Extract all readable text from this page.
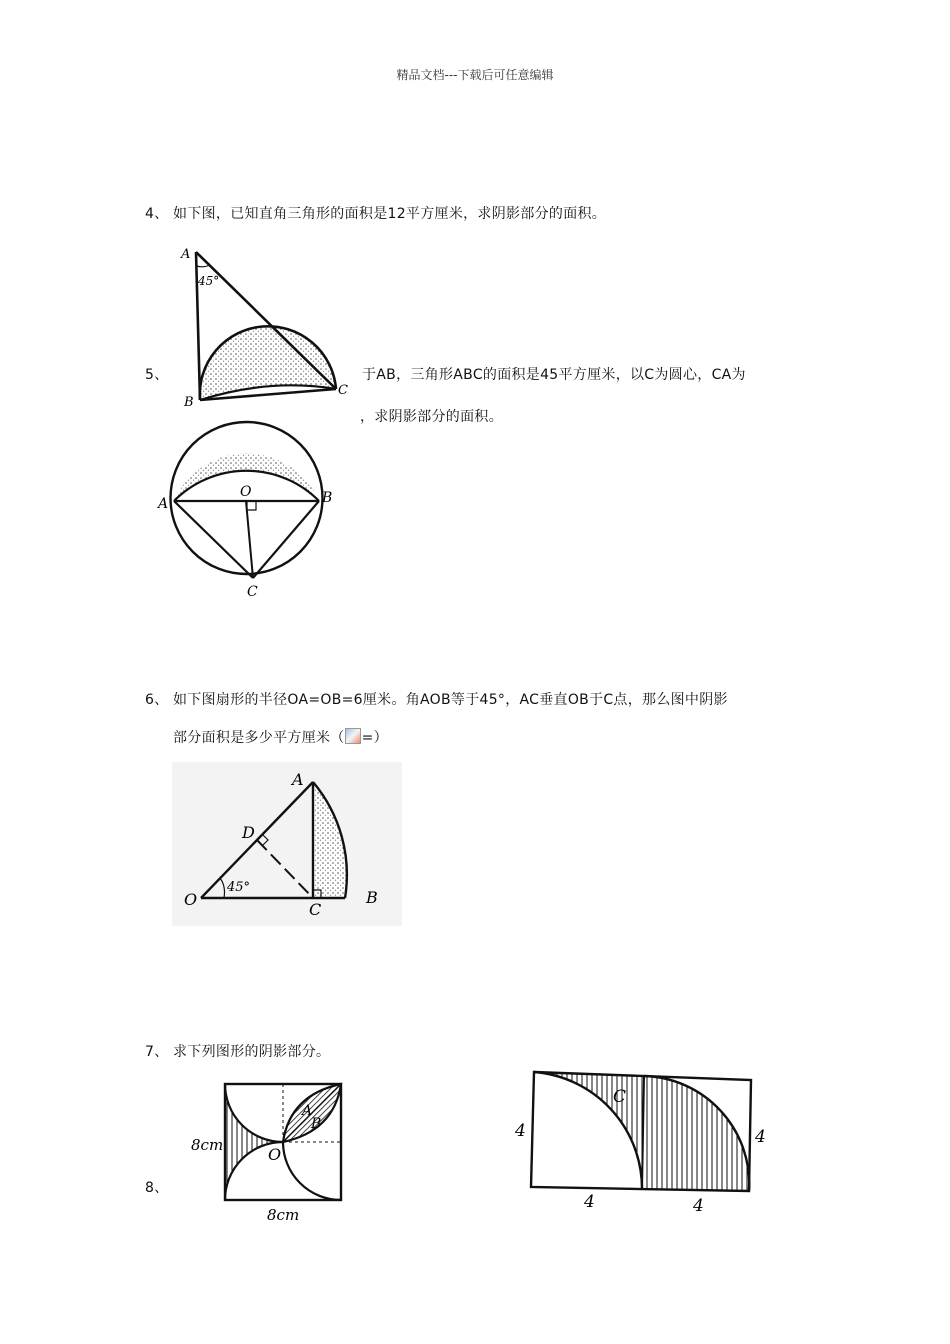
精品文档---下载后可任意编辑
4、 如下图，已知直角三角形的面积是12平方厘米，求阴影部分的面积。
5、	于AB，三角形ABC的面积是45平方厘米，以C为圆心，CA为
，求阴影部分的面积。
A
45°
B
C
A	B
O
C
6、 如下图扇形的半径OA=OB=6厘米。角AOB等于45°，AC垂直OB于C点，那么图中阴影
部分面积是多少平方厘米（ =）
A
D
O
45°
C
B
7、 求下列图形的阴影部分。
8、
8cm
8cm
O
A
B	4	4
4	4
C
